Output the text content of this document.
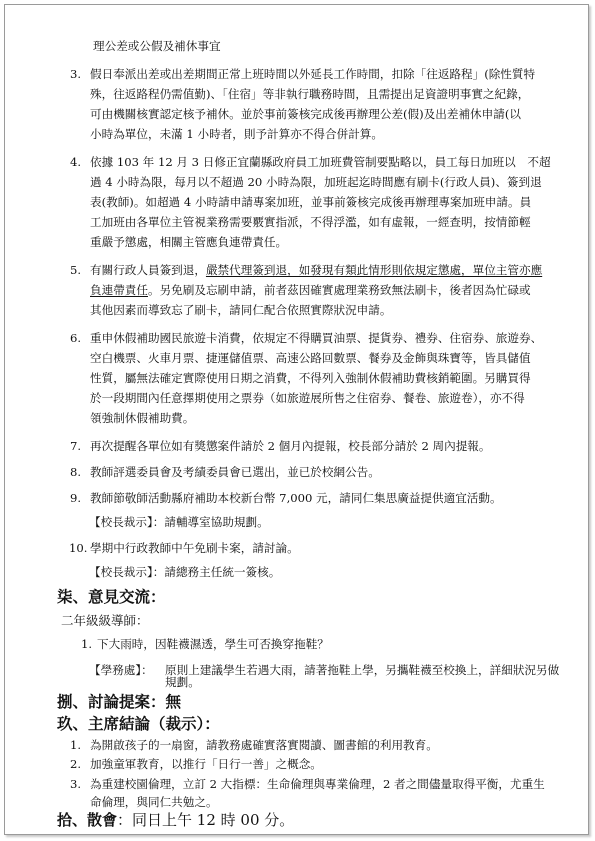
理公差或公假及補休事宜
3. 假日奉派出差或出差期間正常上班時間以外延長工作時間，扣除「往返路程」(除性質特
殊，往返路程仍需值勤)、「住宿」等非執行職務時間，且需提出足資證明事實之紀錄，
可由機關核實認定核予補休。並於事前簽核完成後再辦理公差(假)及出差補休申請(以
小時為單位，未滿 1 小時者，則予計算亦不得合併計算。
4. 依據 103 年 12 月 3 日修正宜蘭縣政府員工加班費管制要點略以，員工每日加班以　不超
過 4 小時為限，每月以不超過 20 小時為限，加班起迄時間應有刷卡(行政人員)、簽到退
表(教師)。如超過 4 小時請申請專案加班，並事前簽核完成後再辦理專案加班申請。員
工加班由各單位主管視業務需要覈實指派，不得浮濫，如有虛報，一經查明，按情節輕
重嚴予懲處，相關主管應負連帶責任。
5. 有關行政人員簽到退，嚴禁代理簽到退，如發現有類此情形則依規定懲處，單位主管亦應
負連帶責任。另免刷及忘刷申請，前者茲因確實處理業務致無法刷卡，後者因為忙碌或
其他因素而導致忘了刷卡，請同仁配合依照實際狀況申請。
6. 重申休假補助國民旅遊卡消費，依規定不得購買油票、提貨券、禮券、住宿券、旅遊券、
空白機票、火車月票、捷運儲值票、高速公路回數票、餐券及金飾與珠寶等，皆具儲值
性質，屬無法確定實際使用日期之消費，不得列入強制休假補助費核銷範圍。另購買得
於一段期間內任意擇期使用之票券（如旅遊展所售之住宿券、餐卷、旅遊卷），亦不得
領強制休假補助費。
7. 再次提醒各單位如有獎懲案件請於 2 個月內提報，校長部分請於 2 周內提報。
8. 教師評選委員會及考績委員會已選出，並已於校網公告。
9. 教師節敬師活動縣府補助本校新台幣 7,000 元，請同仁集思廣益提供適宜活動。
【校長裁示】：請輔導室協助規劃。
10. 學期中行政教師中午免刷卡案，請討論。
【校長裁示】：請總務主任統一簽核。
柒、意見交流：
二年級級導師：
1. 下大雨時，因鞋襪濕透，學生可否換穿拖鞋？
【學務處】： 原則上建議學生若遇大雨，請著拖鞋上學，另攜鞋襪至校換上，詳細狀況另做
規劃。
捌、討論提案：無
玖、主席結論（裁示）：
1. 為開啟孩子的一扇窗，請教務處確實落實閱讀、圖書館的利用教育。
2. 加強童軍教育，以推行「日行一善」之概念。
3. 為重建校園倫理，立訂 2 大指標：生命倫理與專業倫理，2 者之間儘量取得平衡，尤重生
命倫理，與同仁共勉之。
拾、散會：同日上午 12 時 00 分。
